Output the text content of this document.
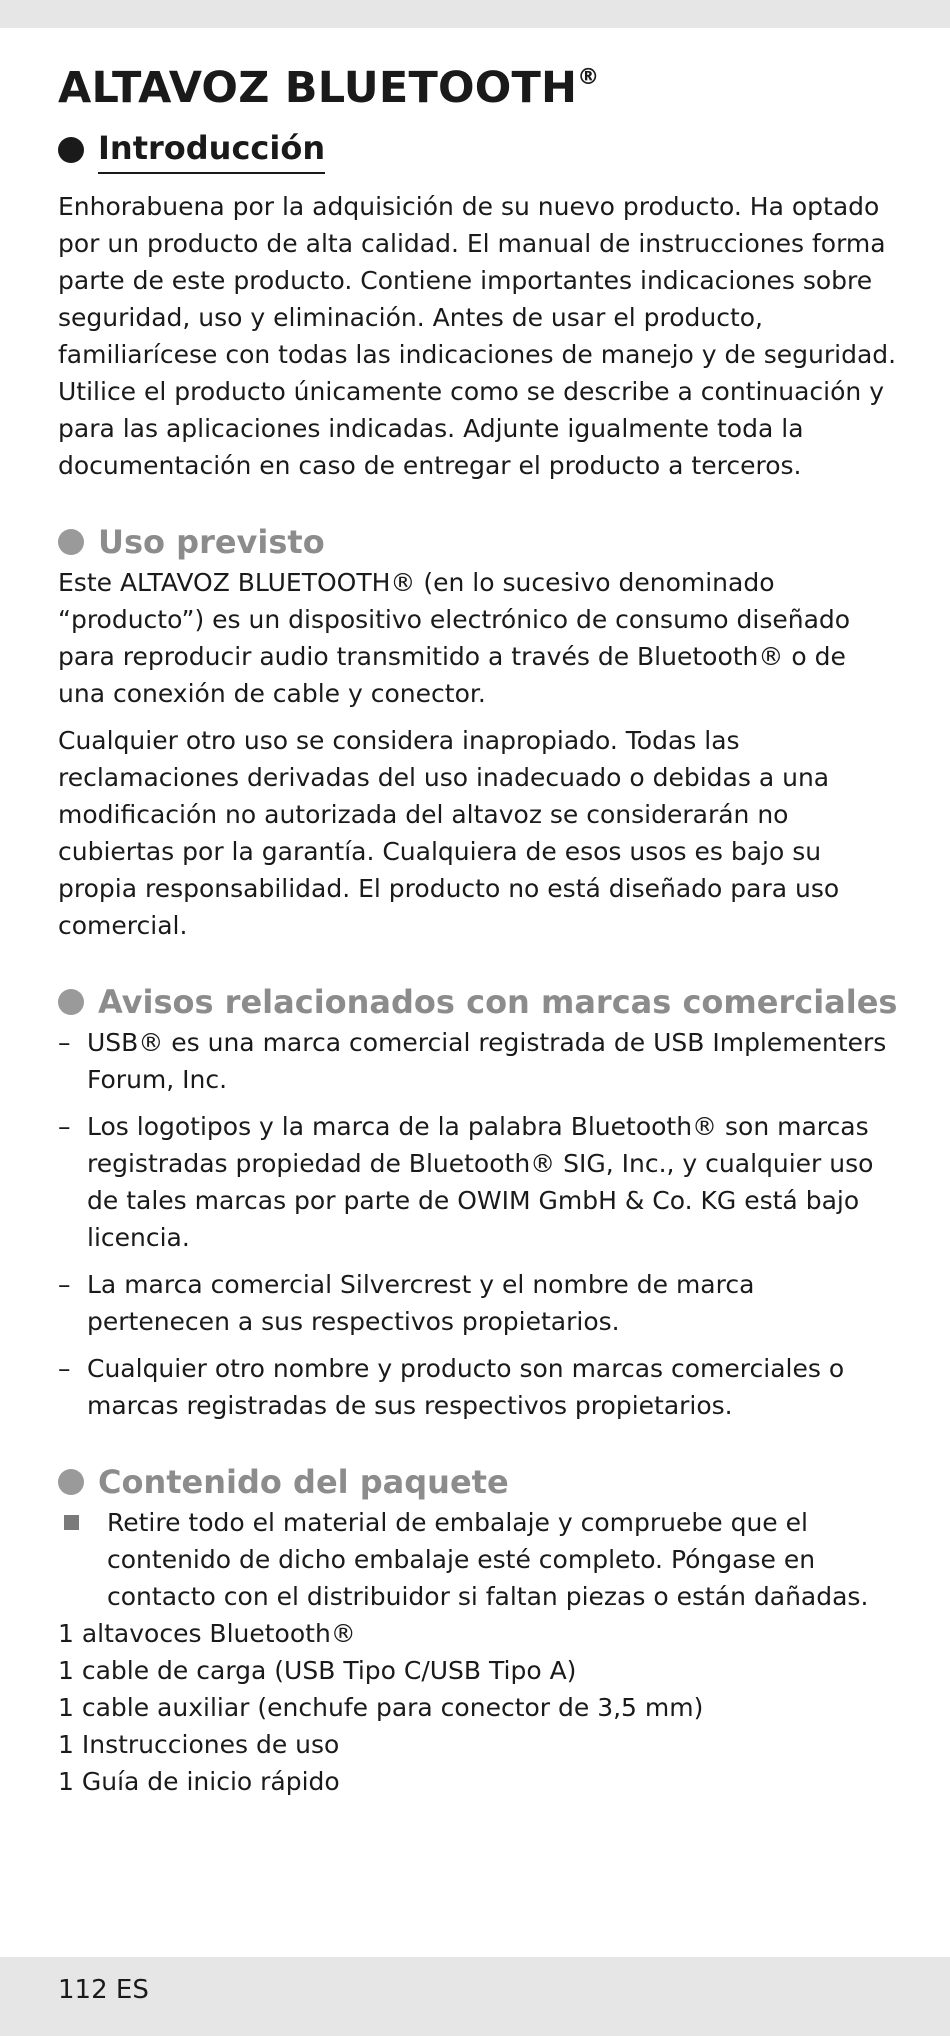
ALTAVOZ BLUETOOTH®
Introducción

Enhorabuena por la adquisición de su nuevo producto. Ha optado por un producto de alta calidad. El manual de instrucciones forma parte de este producto. Contiene importantes indicaciones sobre seguridad, uso y eliminación. Antes de usar el producto, familiarícese con todas las indicaciones de manejo y de seguridad. Utilice el producto únicamente como se describe a continuación y para las aplicaciones indicadas. Adjunte igualmente toda la documentación en caso de entregar el producto a terceros.

Uso previsto

Este ALTAVOZ BLUETOOTH® (en lo sucesivo denominado “producto”) es un dispositivo electrónico de consumo diseñado para reproducir audio transmitido a través de Bluetooth® o de una conexión de cable y conector.

Cualquier otro uso se considera inapropiado. Todas las reclamaciones derivadas del uso inadecuado o debidas a una modificación no autorizada del altavoz se considerarán no cubiertas por la garantía. Cualquiera de esos usos es bajo su propia responsabilidad. El producto no está diseñado para uso comercial.

Avisos relacionados con marcas comerciales
– USB® es una marca comercial registrada de USB Implementers Forum, Inc.
– Los logotipos y la marca de la palabra Bluetooth® son marcas registradas propiedad de Bluetooth® SIG, Inc., y cualquier uso de tales marcas por parte de OWIM GmbH & Co. KG está bajo licencia.
– La marca comercial Silvercrest y el nombre de marca pertenecen a sus respectivos propietarios.
– Cualquier otro nombre y producto son marcas comerciales o marcas registradas de sus respectivos propietarios.
Contenido del paquete
Retire todo el material de embalaje y compruebe que el contenido de dicho embalaje esté completo. Póngase en contacto con el distribuidor si faltan piezas o están dañadas.
1 altavoces Bluetooth®
1 cable de carga (USB Tipo C/USB Tipo A)
1 cable auxiliar (enchufe para conector de 3,5 mm)
1 Instrucciones de uso
1 Guía de inicio rápido
112 ES
